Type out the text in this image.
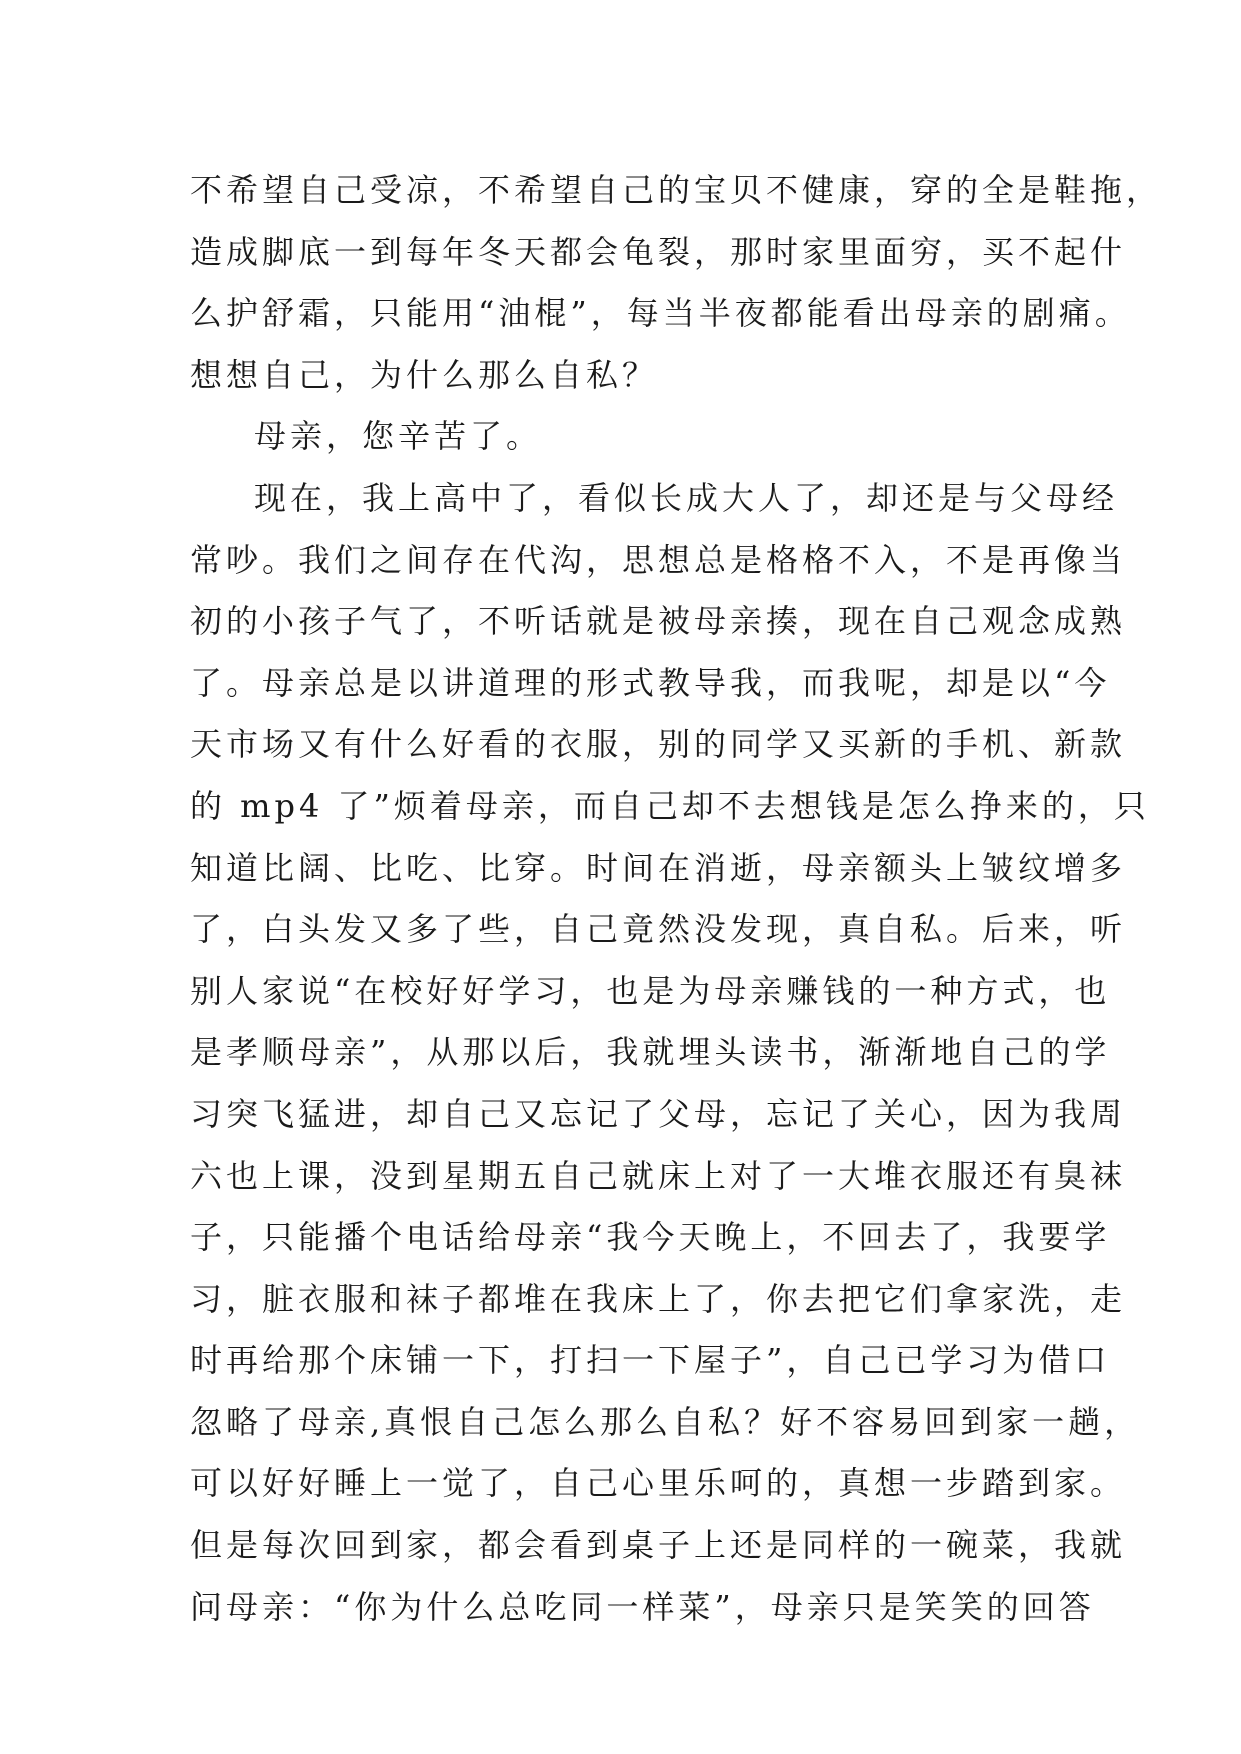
不希望自己受凉，不希望自己的宝贝不健康，穿的全是鞋拖，
造成脚底一到每年冬天都会龟裂，那时家里面穷，买不起什
么护舒霜，只能用“油棍”，每当半夜都能看出母亲的剧痛。
想想自己，为什么那么自私？
母亲，您辛苦了。
现在，我上高中了，看似长成大人了，却还是与父母经
常吵。我们之间存在代沟，思想总是格格不入，不是再像当
初的小孩子气了，不听话就是被母亲揍，现在自己观念成熟
了。母亲总是以讲道理的形式教导我，而我呢，却是以“今
天市场又有什么好看的衣服，别的同学又买新的手机、新款
的 mp4 了”烦着母亲，而自己却不去想钱是怎么挣来的，只
知道比阔、比吃、比穿。时间在消逝，母亲额头上皱纹增多
了，白头发又多了些，自己竟然没发现，真自私。后来，听
别人家说“在校好好学习，也是为母亲赚钱的一种方式，也
是孝顺母亲”，从那以后，我就埋头读书，渐渐地自己的学
习突飞猛进，却自己又忘记了父母，忘记了关心，因为我周
六也上课，没到星期五自己就床上对了一大堆衣服还有臭袜
子，只能播个电话给母亲“我今天晚上，不回去了，我要学
习，脏衣服和袜子都堆在我床上了，你去把它们拿家洗，走
时再给那个床铺一下，打扫一下屋子”，自己已学习为借口
忽略了母亲,真恨自己怎么那么自私？好不容易回到家一趟，
可以好好睡上一觉了，自己心里乐呵的，真想一步踏到家。
但是每次回到家，都会看到桌子上还是同样的一碗菜，我就
问母亲：“你为什么总吃同一样菜”，母亲只是笑笑的回答
